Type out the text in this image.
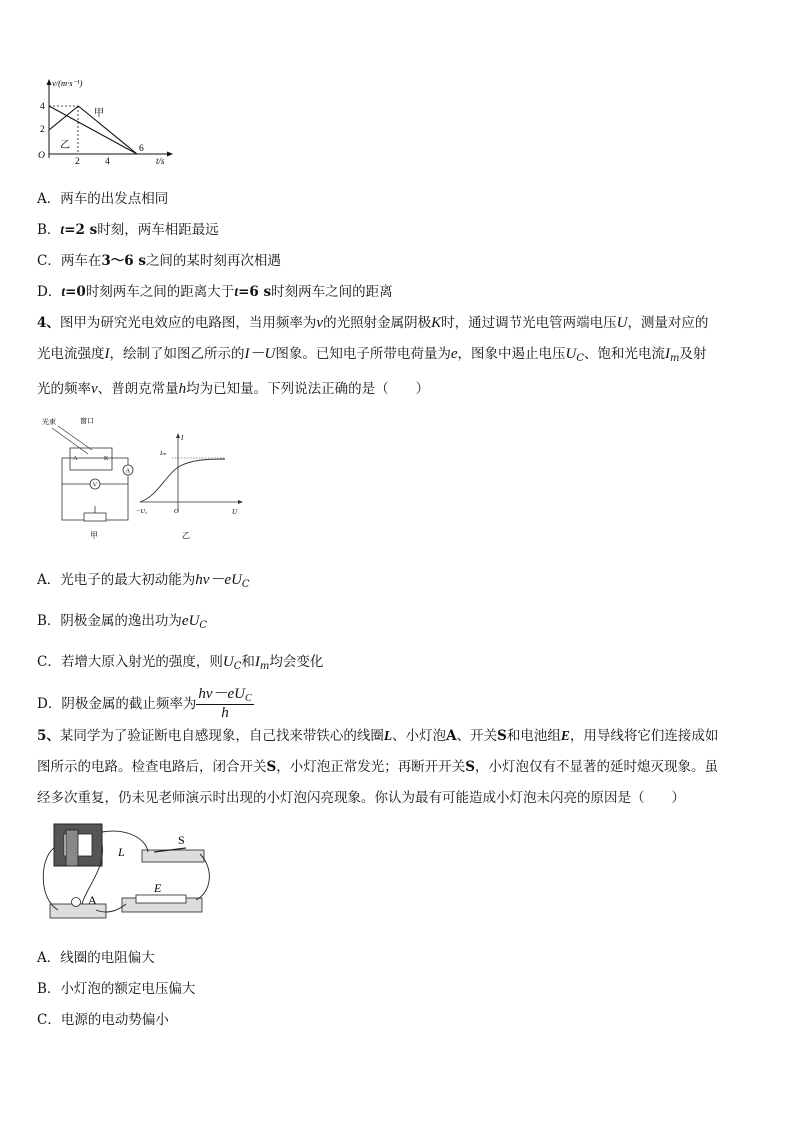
v/(m·s⁻¹)
4
2
O
2	4
6
t/s
甲
乙
A．两车的出发点相同
B．t=2 s时刻，两车相距最远
C．两车在3～6 s之间的某时刻再次相遇
D．t=0时刻两车之间的距离大于t=6 s时刻两车之间的距离

4、图甲为研究光电效应的电路图，当用频率为ν的光照射金属阴极K时，通过调节光电管两端电压U，测量对应的

光电流强度I，绘制了如图乙所示的I－U图象。已知电子所带电荷量为e，图象中遏止电压$U_C$、饱和光电流$I_m$及射

光的频率ν、普朗克常量h均为已知量。下列说法正确的是（　　）

光束	窗口
A	K
A
V
甲
I
Iₘ
−U꜀	O	U
乙
A．光电子的最大初动能为$h\nu-eU_C$
B．阴极金属的逸出功为$eU_C$
C．若增大原入射光的强度，则$U_C$和$I_m$均会变化
D．阴极金属的截止频率为 $\frac{h\nu-eU_C}{h}$

5、某同学为了验证断电自感现象，自己找来带铁心的线圈L、小灯泡A、开关S和电池组E，用导线将它们连接成如

图所示的电路。检查电路后，闭合开关S，小灯泡正常发光；再断开开关S，小灯泡仅有不显著的延时熄灭现象。虽

经多次重复，仍未见老师演示时出现的小灯泡闪亮现象。你认为最有可能造成小灯泡未闪亮的原因是（　　）

L
S
E
A
A．线圈的电阻偏大
B．小灯泡的额定电压偏大
C．电源的电动势偏小
